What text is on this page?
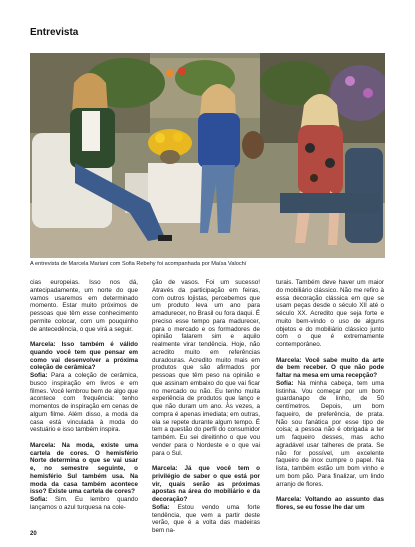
Entrevista
A entrevista de Marcela Mariani com Sofia Rebehy foi acompanhada por Maísa Valochi

cias europeias. Isso nos dá, antecipadamente, um norte do que vamos usaremos em determinado momento. Estar muito próximos de pessoas que têm esse conhecimento permite colocar, com um pouquinho de antecedência, o que virá a seguir.

Marcela: Isso também é válido quando você tem que pensar em como vai desenvolver a próxima coleção de cerâmica?

Sofia: Para a coleção de cerâmica, busco inspiração em livros e em filmes. Você lembrou bem de algo que acontece com frequência: tenho momentos de inspiração em cenas de algum filme. Além disso, a moda da casa está vinculada à moda do vestuário e isso também inspira.

Marcela: Na moda, existe uma cartela de cores. O hemisfério Norte determina o que se vai usar e, no semestre seguinte, o hemisfério Sul também usa. Na moda da casa também acontece isso? Existe uma cartela de cores?

Sofia: Sim. Eu lembro quando lançamos o azul turquesa na cole-

ção de vasos. Foi um sucesso! Através da participação em feiras, com outros lojistas, percebemos que um produto leva um ano para amadurecer, no Brasil ou fora daqui. É preciso esse tempo para madurecer, para o mercado e os formadores de opinião falarem sim e aquilo realmente virar tendência. Hoje, não acredito muito em referências duradouras. Acredito muito mais em produtos que são afirmados por pessoas que têm peso na opinião e que assinam embaixo do que vai ficar no mercado ou não. Eu tenho muita experiência de produtos que lanço e que não duram um ano. Às vezes, a compra é apenas imediata; em outras, ela se repete durante algum tempo. É tem a questão do perfil do consumidor também. Eu sei direitinho o que vou vender para o Nordeste e o que vai para o Sul.

Marcela: Já que você tem o privilégio de saber o que está por vir, quais serão as próximas apostas na área do mobiliário e da decoração?

Sofia: Estou vendo uma forte tendência, que vem a partir deste verão, que é a volta das madeiras bem na-

turais. Também deve haver um maior do mobiliário clássico. Não me refiro à essa decoração clássica em que se usam peças desde o século XII até o século XX. Acredito que seja forte e muito bem-vindo o uso de alguns objetos e do mobiliário clássico junto com o que é extremamente contemporâneo.

Marcela: Você sabe muito da arte de bem receber. O que não pode faltar na mesa em uma recepção?

Sofia: Na minha cabeça, tem uma listinha. Vou começar por um bom guardanapo de linho, de 50 centímetros. Depois, um bom faqueiro, de preferência, de prata. Não sou fanática por esse tipo de coisa; a pessoa não é obrigada a ter um faqueiro desses, mas acho agradável usar talheres de prata. Se não for possível, um excelente faqueiro de inox cumpre o papel. Na lista, também estão um bom vinho e um bom pão. Para finalizar, um lindo arranjo de flores.

Marcela: Voltando ao assunto das flores, se eu fosse lhe dar um

20
